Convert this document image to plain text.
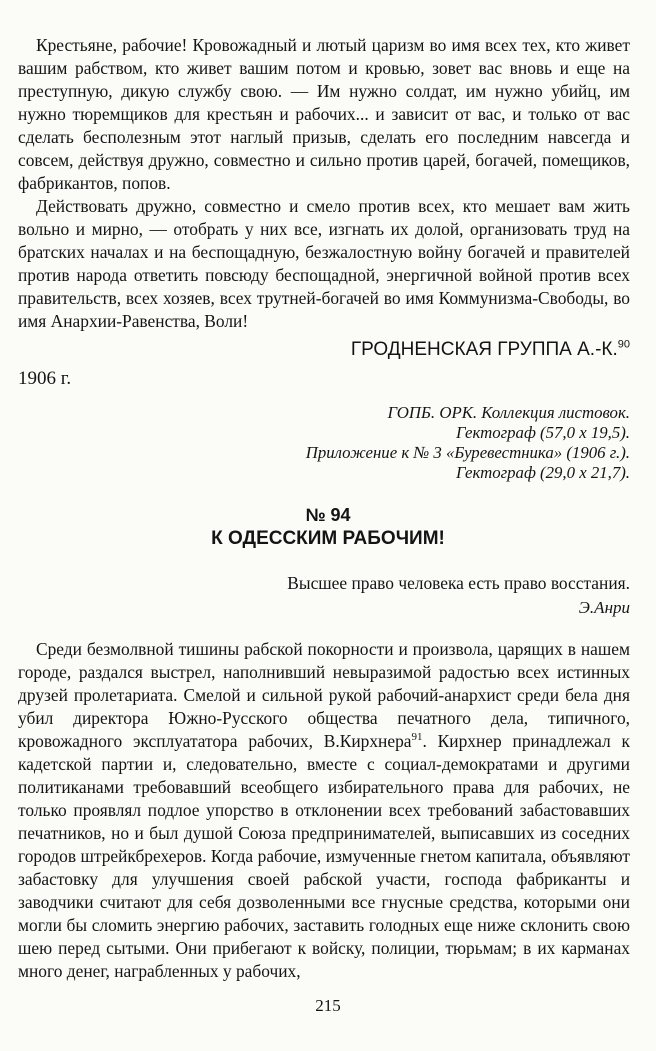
Крестьяне, рабочие! Кровожадный и лютый царизм во имя всех тех, кто живет вашим рабством, кто живет вашим потом и кровью, зовет вас вновь и еще на преступную, дикую службу свою. — Им нужно солдат, им нужно убийц, им нужно тюремщиков для крестьян и рабочих... и зависит от вас, и только от вас сделать бесполезным этот наглый призыв, сделать его последним навсегда и совсем, действуя дружно, совместно и сильно против царей, богачей, помещиков, фабрикантов, попов.

Действовать дружно, совместно и смело против всех, кто мешает вам жить вольно и мирно, — отобрать у них все, изгнать их долой, организовать труд на братских началах и на беспощадную, безжалостную войну богачей и правителей против народа ответить повсюду беспощадной, энергичной войной против всех правительств, всех хозяев, всех трутней-богачей во имя Коммунизма-Свободы, во имя Анархии-Равенства, Воли!

ГРОДНЕНСКАЯ ГРУППА А.-К.$^{90}$
1906 г.
ГОПБ. ОРК. Коллекция листовок.
Гектограф (57,0 х 19,5).
Приложение к № 3 «Буревестника» (1906 г.).
Гектограф (29,0 х 21,7).
№ 94
К ОДЕССКИМ РАБОЧИМ!
Высшее право человека есть право восстания.
Э.Анри

Среди безмолвной тишины рабской покорности и произвола, царящих в нашем городе, раздался выстрел, наполнивший невыразимой радостью всех истинных друзей пролетариата. Смелой и сильной рукой рабочий-анархист среди бела дня убил директора Южно-Русского общества печатного дела, типичного, кровожадного эксплуататора рабочих, В.Кирхнера$^{91}$. Кирхнер принадлежал к кадетской партии и, следовательно, вместе с социал-демократами и другими политиканами требовавший всеобщего избирательного права для рабочих, не только проявлял подлое упорство в отклонении всех требований забастовавших печатников, но и был душой Союза предпринимателей, выписавших из соседних городов штрейкбрехеров. Когда рабочие, измученные гнетом капитала, объявляют забастовку для улучшения своей рабской участи, господа фабриканты и заводчики считают для себя дозволенными все гнусные средства, которыми они могли бы сломить энергию рабочих, заставить голодных еще ниже склонить свою шею перед сытыми. Они прибегают к войску, полиции, тюрьмам; в их карманах много денег, награбленных у рабочих,

215
